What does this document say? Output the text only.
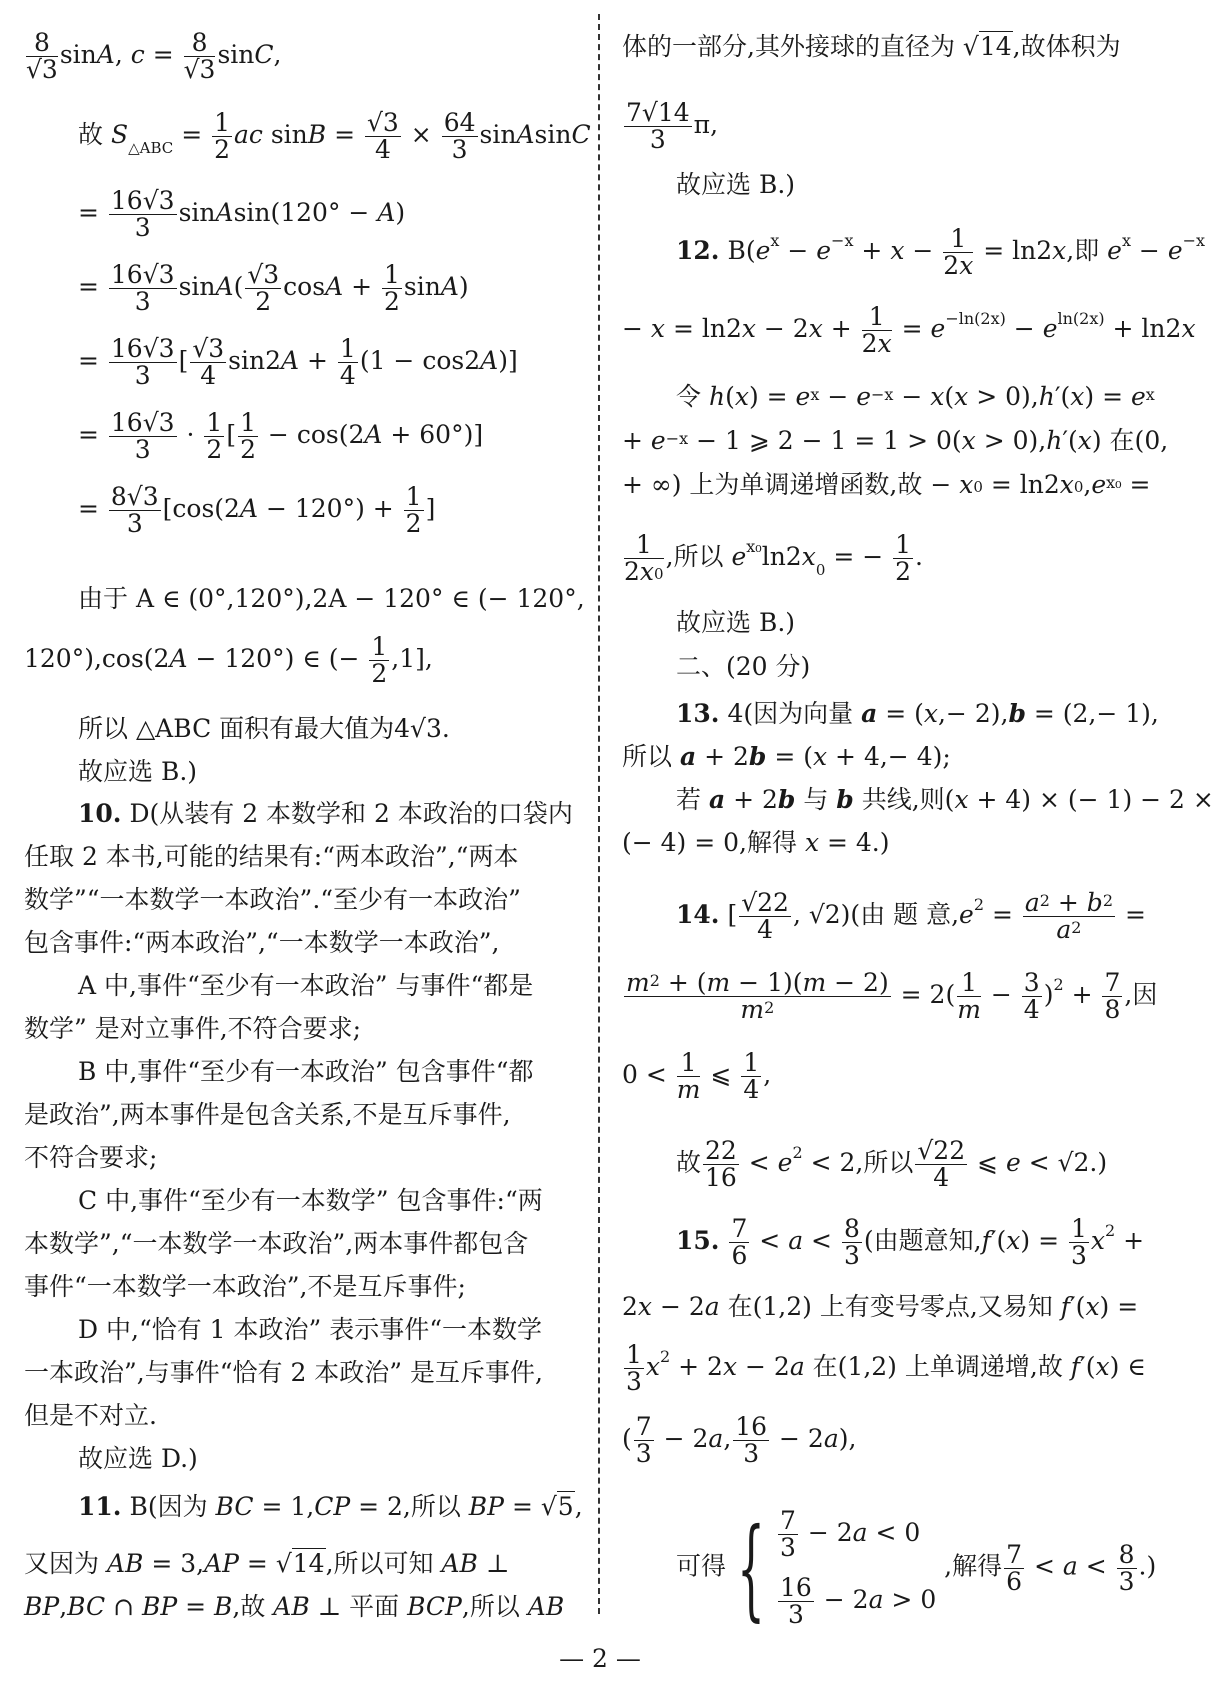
$\frac{8}{√3} \sin A$, $c = \frac{8}{√3} \sin C$,
故 S△ABC = $\frac{1}{2}$ ac $\sin B = \frac{√3}{4} \times \frac{64}{3}$ sinAsinC
= $\frac{16√3}{3}$ sinAsin(120° − A)
= $\frac{16√3}{3} \sin A( \frac{√3}{2}$ $\cos A + \frac{1}{2} \sin A$)
= $\frac{16√3}{3}$ [ $\frac{√3}{4} \sin 2A + \frac{1}{4} (1 - \cos 2A)$]
= $\frac{16√3}{3} \cdot \frac{1}{2}$ [ $\frac{1}{2} - \cos(2A + 60^\circ)$]
= $\frac{8√3}{3} [\cos(2A - 120^\circ) + \frac{1}{2}$ ]
由于 A ∈ (0°,120°),2A − 120° ∈ (− 120°,
120°),cos(2A − 120°) ∈ (− $\frac{1}{2} ,1$],
所以 △ABC 面积有最大值为4√3.
故应选 B.)
10. D(从装有 2 本数学和 2 本政治的口袋内
任取 2 本书,可能的结果有:“两本政治”,“两本
数学”“一本数学一本政治”.“至少有一本政治”
包含事件:“两本政治”,“一本数学一本政治”,
A 中,事件“至少有一本政治” 与事件“都是
数学” 是对立事件,不符合要求;
B 中,事件“至少有一本政治” 包含事件“都
是政治”,两本事件是包含关系,不是互斥事件,
不符合要求;
C 中,事件“至少有一本数学” 包含事件:“两
本数学”,“一本数学一本政治”,两本事件都包含
事件“一本数学一本政治”,不是互斥事件;
D 中,“恰有 1 本政治” 表示事件“一本数学
一本政治”,与事件“恰有 2 本政治” 是互斥事件,
但是不对立.
故应选 D.)
11. B(因为 BC = 1,CP = 2,所以 BP = √5,
又因为 AB = 3,AP = √14,所以可知 AB ⊥
BP,BC ∩ BP = B,故 AB ⊥ 平面 BCP,所以 AB
体的一部分,其外接球的直径为 √14,故体积为
$\frac{7√14}{3} \pi$,
故应选 B.)
12. $B(e^x - e^{-x} + x - \frac{1}{2x} = \ln 2x$,即 $e^x - e^{-x}$
− $x = \ln 2x - 2x + \frac{1}{2x} = e^{-ln(2x)} - e^{ln(2x)} + \ln 2x$
令 $h(x) = e^x - e^{-x} - x(x > 0),h'(x) = e^x$
+ $e^{-x} - 1$ ⩾ 2 − 1 = 1 > 0(x > 0),h′(x) 在(0,
+ ∞) 上为单调递增函数,故 − $x0 = \ln 2x0,e^{x_0}$ =
$\frac{1}{2x0}$ ,所以 $e^{x_0}\ln 2x0$ = − $\frac{1}{2}$ .
故应选 B.)
二、(20 分)
13. 4(因为向量 a = (x,− 2),b = (2,− 1),
所以 a + 2b = (x + 4,− 4);
若 a + 2b 与 b 共线,则(x + 4) × (− 1) − 2 ×
(− 4) = 0,解得 x = 4.)
14. [ $\frac{√22}{4}$ , √2)(由 题 意$,e^2 = \frac{a^2 + b^2}{a^2}$ =
$\frac{m^2 + (m - 1)(m - 2)}{m^2} = 2( \frac{1}{m} - \frac{3}{4} )^2 + \frac{7}{8}$ ,因
$0 < \frac{1}{m}$ ⩽ $\frac{1}{4}$ ,
故 $\frac{22}{16} < e^2 < 2$,所以 $\frac{√22}{4}$ ⩽ e < √2.)
15. $\frac{7}{6} < a < \frac{8}{3}$ (由题意知$,f'(x) = \frac{1}{3} x^2$ +
2x − 2a 在(1,2) 上有变号零点,又易知 f′(x) =
$\frac{1}{3} x^2 + 2x - 2a$ 在(1,2) 上单调递增,故 f′(x) ∈
( $\frac{7}{3} - 2a$, $\frac{16}{3} - 2a$),
可得 { $\frac{7}{3} - 2a < 0$
$\frac{16}{3} - 2a > 0$
,解得 $\frac{7}{6} < a < \frac{8}{3}$ .)
— 2 —
